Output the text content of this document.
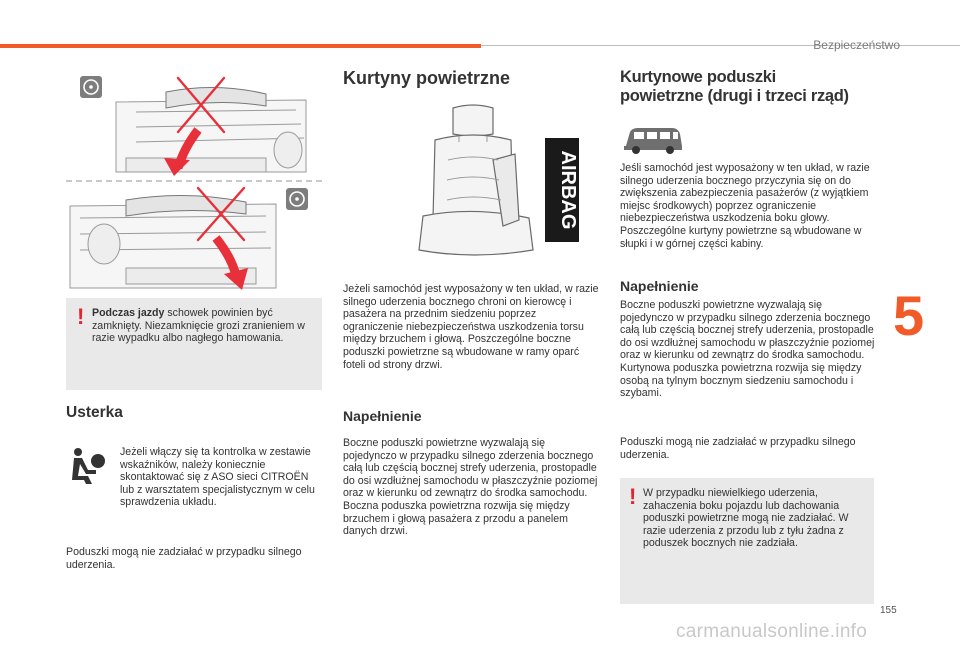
Bezpieczeństwo
5
! Podczas jazdy schowek powinien być zamknięty. Niezamknięcie grozi zranieniem w razie wypadku albo nagłego hamowania.
Usterka
Jeżeli włączy się ta kontrolka w zestawie wskaźników, należy koniecznie skontaktować się z ASO sieci CITROËN lub z warsztatem specjalistycznym w celu sprawdzenia układu.
Poduszki mogą nie zadziałać w przypadku silnego uderzenia.
Kurtyny powietrzne
AIRBAG
Jeżeli samochód jest wyposażony w ten układ, w razie silnego uderzenia bocznego chroni on kierowcę i pasażera na przednim siedzeniu poprzez ograniczenie niebezpieczeństwa uszkodzenia torsu między brzuchem i głową. Poszczególne boczne poduszki powietrzne są wbudowane w ramy oparć foteli od strony drzwi.
Napełnienie
Boczne poduszki powietrzne wyzwalają się pojedynczo w przypadku silnego zderzenia bocznego całą lub częścią bocznej strefy uderzenia, prostopadle do osi wzdłużnej samochodu w płaszczyźnie poziomej oraz w kierunku od zewnątrz do środka samochodu. Boczna poduszka powietrzna rozwija się między brzuchem i głową pasażera z przodu a panelem danych drzwi.
Kurtynowe poduszki
powietrzne (drugi i trzeci rząd)
Jeśli samochód jest wyposażony w ten układ, w razie silnego uderzenia bocznego przyczynia się on do zwiększenia zabezpieczenia pasażerów (z wyjątkiem miejsc środkowych) poprzez ograniczenie niebezpieczeństwa uszkodzenia boku głowy. Poszczególne kurtyny powietrzne są wbudowane w słupki i w górnej części kabiny.
Napełnienie
Boczne poduszki powietrzne wyzwalają się pojedynczo w przypadku silnego zderzenia bocznego całą lub częścią bocznej strefy uderzenia, prostopadle do osi wzdłużnej samochodu w płaszczyźnie poziomej oraz w kierunku od zewnątrz do środka samochodu. Kurtynowa poduszka powietrzna rozwija się między osobą na tylnym bocznym siedzeniu samochodu i szybami.
Poduszki mogą nie zadziałać w przypadku silnego uderzenia.
! W przypadku niewielkiego uderzenia, zahaczenia boku pojazdu lub dachowania poduszki powietrzne mogą nie zadziałać. W razie uderzenia z przodu lub z tyłu żadna z poduszek bocznych nie zadziała.
155
carmanualsonline.info
